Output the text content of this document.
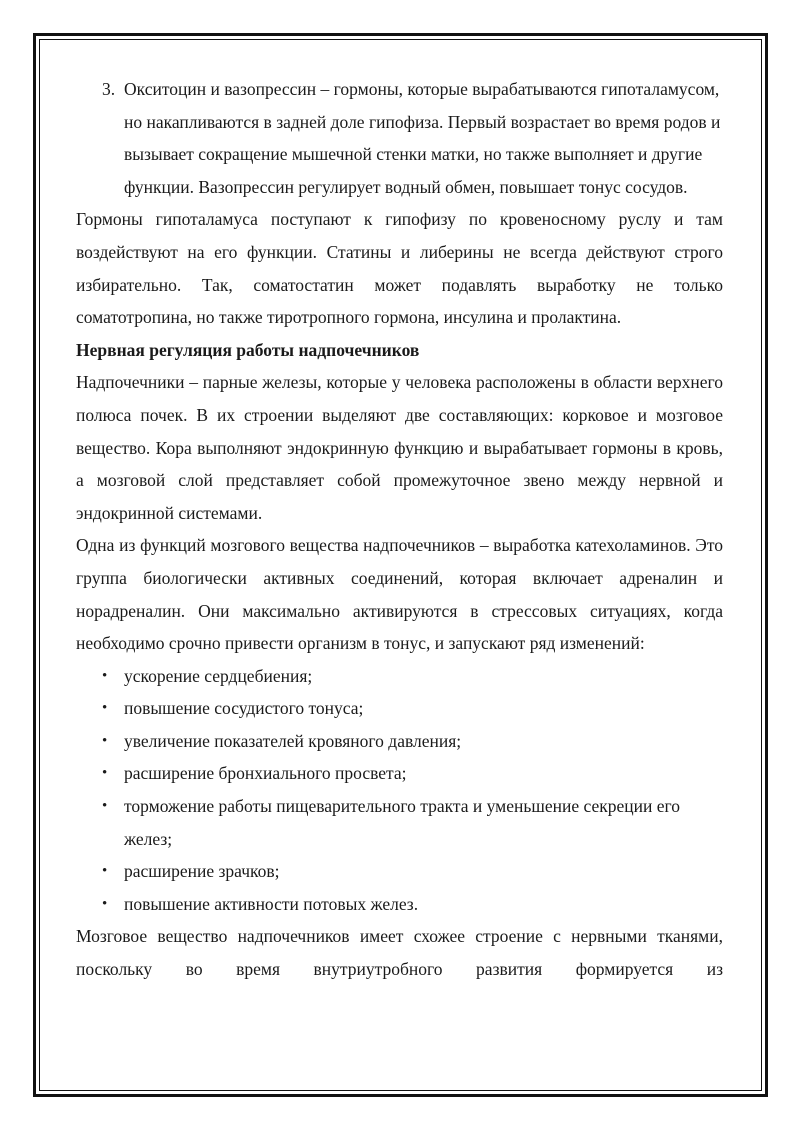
3. Окситоцин и вазопрессин – гормоны, которые вырабатываются гипоталамусом, но накапливаются в задней доле гипофиза. Первый возрастает во время родов и вызывает сокращение мышечной стенки матки, но также выполняет и другие функции. Вазопрессин регулирует водный обмен, повышает тонус сосудов.

Гормоны гипоталамуса поступают к гипофизу по кровеносному руслу и там воздействуют на его функции. Статины и либерины не всегда действуют строго избирательно. Так, соматостатин может подавлять выработку не только соматотропина, но также тиротропного гормона, инсулина и пролактина.

Нервная регуляция работы надпочечников

Надпочечники – парные железы, которые у человека расположены в области верхнего полюса почек. В их строении выделяют две составляющих: корковое и мозговое вещество. Кора выполняют эндокринную функцию и вырабатывает гормоны в кровь, а мозговой слой представляет собой промежуточное звено между нервной и эндокринной системами.

Одна из функций мозгового вещества надпочечников – выработка катехоламинов. Это группа биологически активных соединений, которая включает адреналин и норадреналин. Они максимально активируются в стрессовых ситуациях, когда необходимо срочно привести организм в тонус, и запускают ряд изменений:

• ускорение сердцебиения;
• повышение сосудистого тонуса;
• увеличение показателей кровяного давления;
• расширение бронхиального просвета;
• торможение работы пищеварительного тракта и уменьшение секреции его желез;
• расширение зрачков;
• повышение активности потовых желез.

Мозговое вещество надпочечников имеет схожее строение с нервными тканями, поскольку во время внутриутробного развития формируется из
